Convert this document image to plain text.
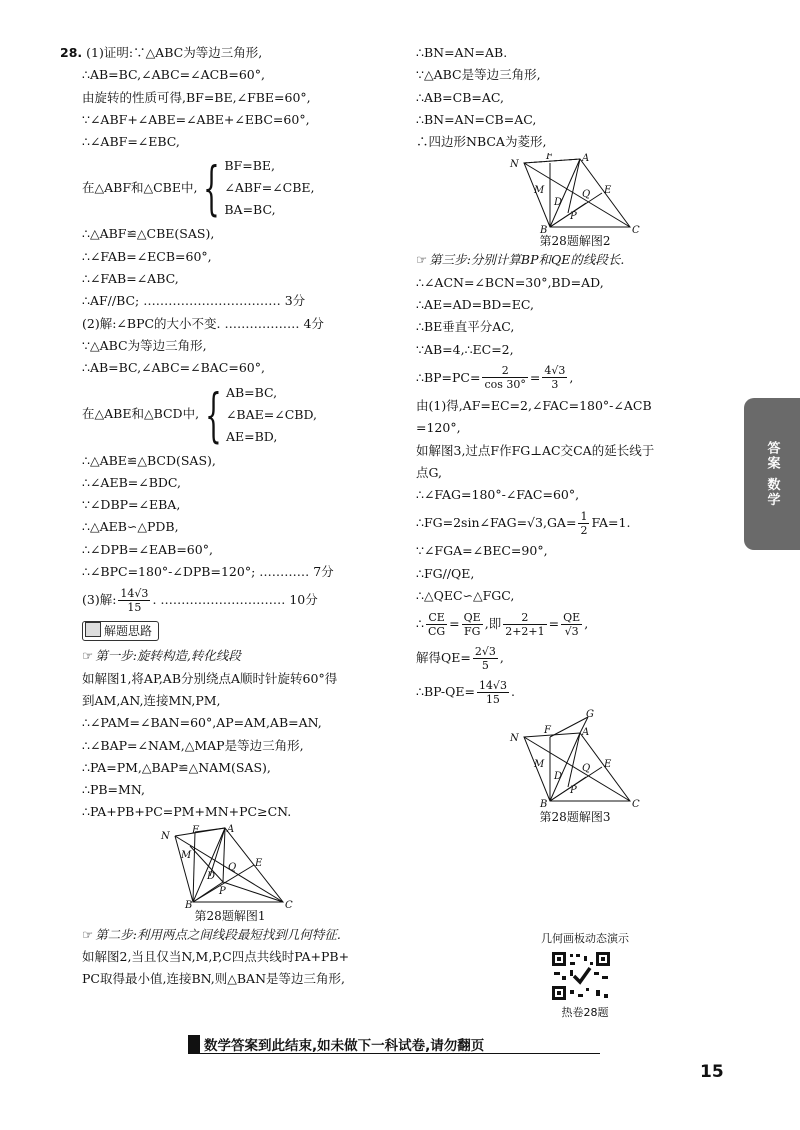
28. (1)证明:∵△ABC为等边三角形,
∴AB=BC,∠ABC=∠ACB=60°,
由旋转的性质可得,BF=BE,∠FBE=60°,
∵∠ABF+∠ABE=∠ABE+∠EBC=60°,
∴∠ABF=∠EBC,
在△ABF和△CBE中, { BF=BE,
∠ABF=∠CBE,
BA=BC,
∴△ABF≌△CBE(SAS),
∴∠FAB=∠ECB=60°,
∴∠FAB=∠ABC,
∴AF//BC; …………………………… 3分
(2)解:∠BPC的大小不变. ……………… 4分
∵△ABC为等边三角形,
∴AB=BC,∠ABC=∠BAC=60°,
在△ABE和△BCD中, { AB=BC,
∠BAE=∠CBD,
AE=BD,
∴△ABE≌△BCD(SAS),
∴∠AEB=∠BDC,
∵∠DBP=∠EBA,
∴△AEB∽△PDB,
∴∠DPB=∠EAB=60°,
∴∠BPC=180°-∠DPB=120°; ………… 7分
(3)解: $\frac{14√3}{15}$ . ………………………… 10分
解题思路
☞ 第一步:旋转构造,转化线段
如解图1,将AP,AB分别绕点A顺时针旋转60°得
到AM,AN,连接MN,PM,
∴∠PAM=∠BAN=60°,AP=AM,AB=AN,
∴∠BAP=∠NAM,△MAP是等边三角形,
∴PA=PM,△BAP≌△NAM(SAS),
∴PB=MN,
∴PA+PB+PC=PM+MN+PC≥CN.
N
F	A
M
D
Q E
P
B	C
第28题解图1
☞ 第二步:利用两点之间线段最短找到几何特征.
如解图2,当且仅当N,M,P,C四点共线时PA+PB+
PC取得最小值,连接BN,则△BAN是等边三角形,
∴BN=AN=AB.
∵△ABC是等边三角形,
∴AB=CB=AC,
∴BN=AN=CB=AC,
∴四边形NBCA为菱形,
N
F	A
M
D
Q E
P
B	C
第28题解图2
☞ 第三步:分别计算BP和QE的线段长.
∴∠ACN=∠BCN=30°,BD=AD,
∴AE=AD=BD=EC,
∴BE垂直平分AC,
∵AB=4,∴EC=2,
∴BP=PC= $\frac{2}{\cos 30^\circ} = \frac{4√3}{3}$ ,
由(1)得,AF=EC=2,∠FAC=180°-∠ACB
=120°,
如解图3,过点F作FG⊥AC交CA的延长线于
点G,
∴∠FAG=180°-∠FAC=60°,
∴FG=2sin∠FAG=√3,GA= $\frac{1}{2} FA=1$.
∵∠FGA=∠BEC=90°,
∴FG//QE,
∴△QEC∽△FGC,
∴ $\frac{CE}{CG} = \frac{QE}{FG}$ ,即 $\frac{2}{2+2+1} = \frac{QE}{√3}$ ,
解得$QE= \frac{2√3}{5}$ ,
∴BP-QE= $\frac{14√3}{15}$ .
G
N
F	A
M
D
Q E
P
B	C
第28题解图3
几何画板动态演示
热卷28题
答案 数学
数学答案到此结束,如未做下一科试卷,请勿翻页
15
